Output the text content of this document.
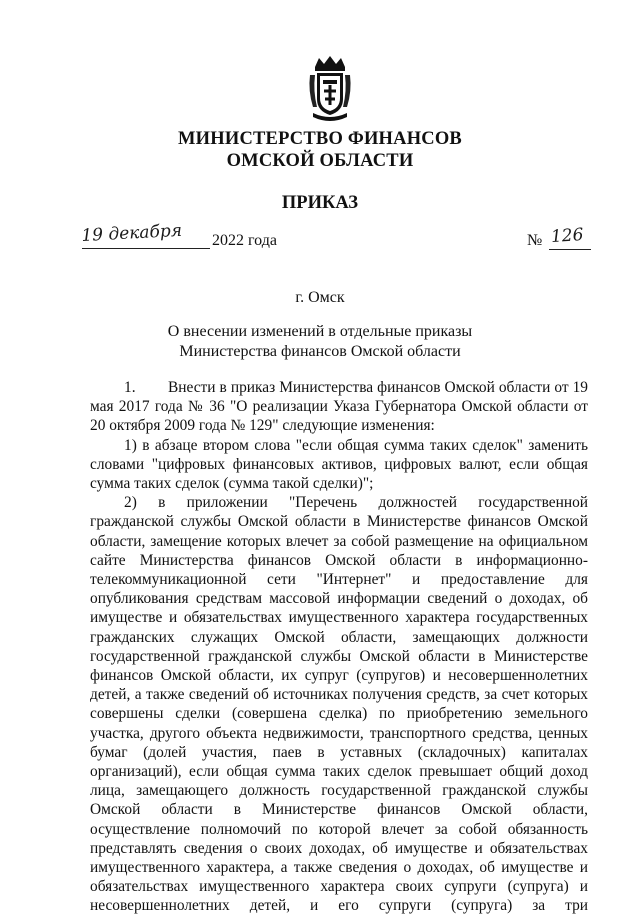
МИНИСТЕРСТВО ФИНАНСОВ
ОМСКОЙ ОБЛАСТИ
ПРИКАЗ
19 декабря	2022 года	№ 126
г. Омск
О внесении изменений в отдельные приказы
Министерства финансов Омской области

1. Внести в приказ Министерства финансов Омской области от 19 мая 2017 года № 36 "О реализации Указа Губернатора Омской области от 20 октября 2009 года № 129" следующие изменения:

1) в абзаце втором слова "если общая сумма таких сделок" заменить словами "цифровых финансовых активов, цифровых валют, если общая сумма таких сделок (сумма такой сделки)";

2) в приложении "Перечень должностей государственной гражданской службы Омской области в Министерстве финансов Омской области, замещение которых влечет за собой размещение на официальном сайте Министерства финансов Омской области в информационно-телекоммуникационной сети "Интернет" и предоставление для опубликования средствам массовой информации сведений о доходах, об имуществе и обязательствах имущественного характера государственных гражданских служащих Омской области, замещающих должности государственной гражданской службы Омской области в Министерстве финансов Омской области, их супруг (супругов) и несовершеннолетних детей, а также сведений об источниках получения средств, за счет которых совершены сделки (совершена сделка) по приобретению земельного участка, другого объекта недвижимости, транспортного средства, ценных бумаг (долей участия, паев в уставных (складочных) капиталах организаций), если общая сумма таких сделок превышает общий доход лица, замещающего должность государственной гражданской службы Омской области в Министерстве финансов Омской области, осуществление полномочий по которой влечет за собой обязанность представлять сведения о своих доходах, об имуществе и обязательствах имущественного характера, а также сведения о доходах, об имуществе и обязательствах имущественного характера своих супруги (супруга) и несовершеннолетних детей, и его супруги (супруга) за три
